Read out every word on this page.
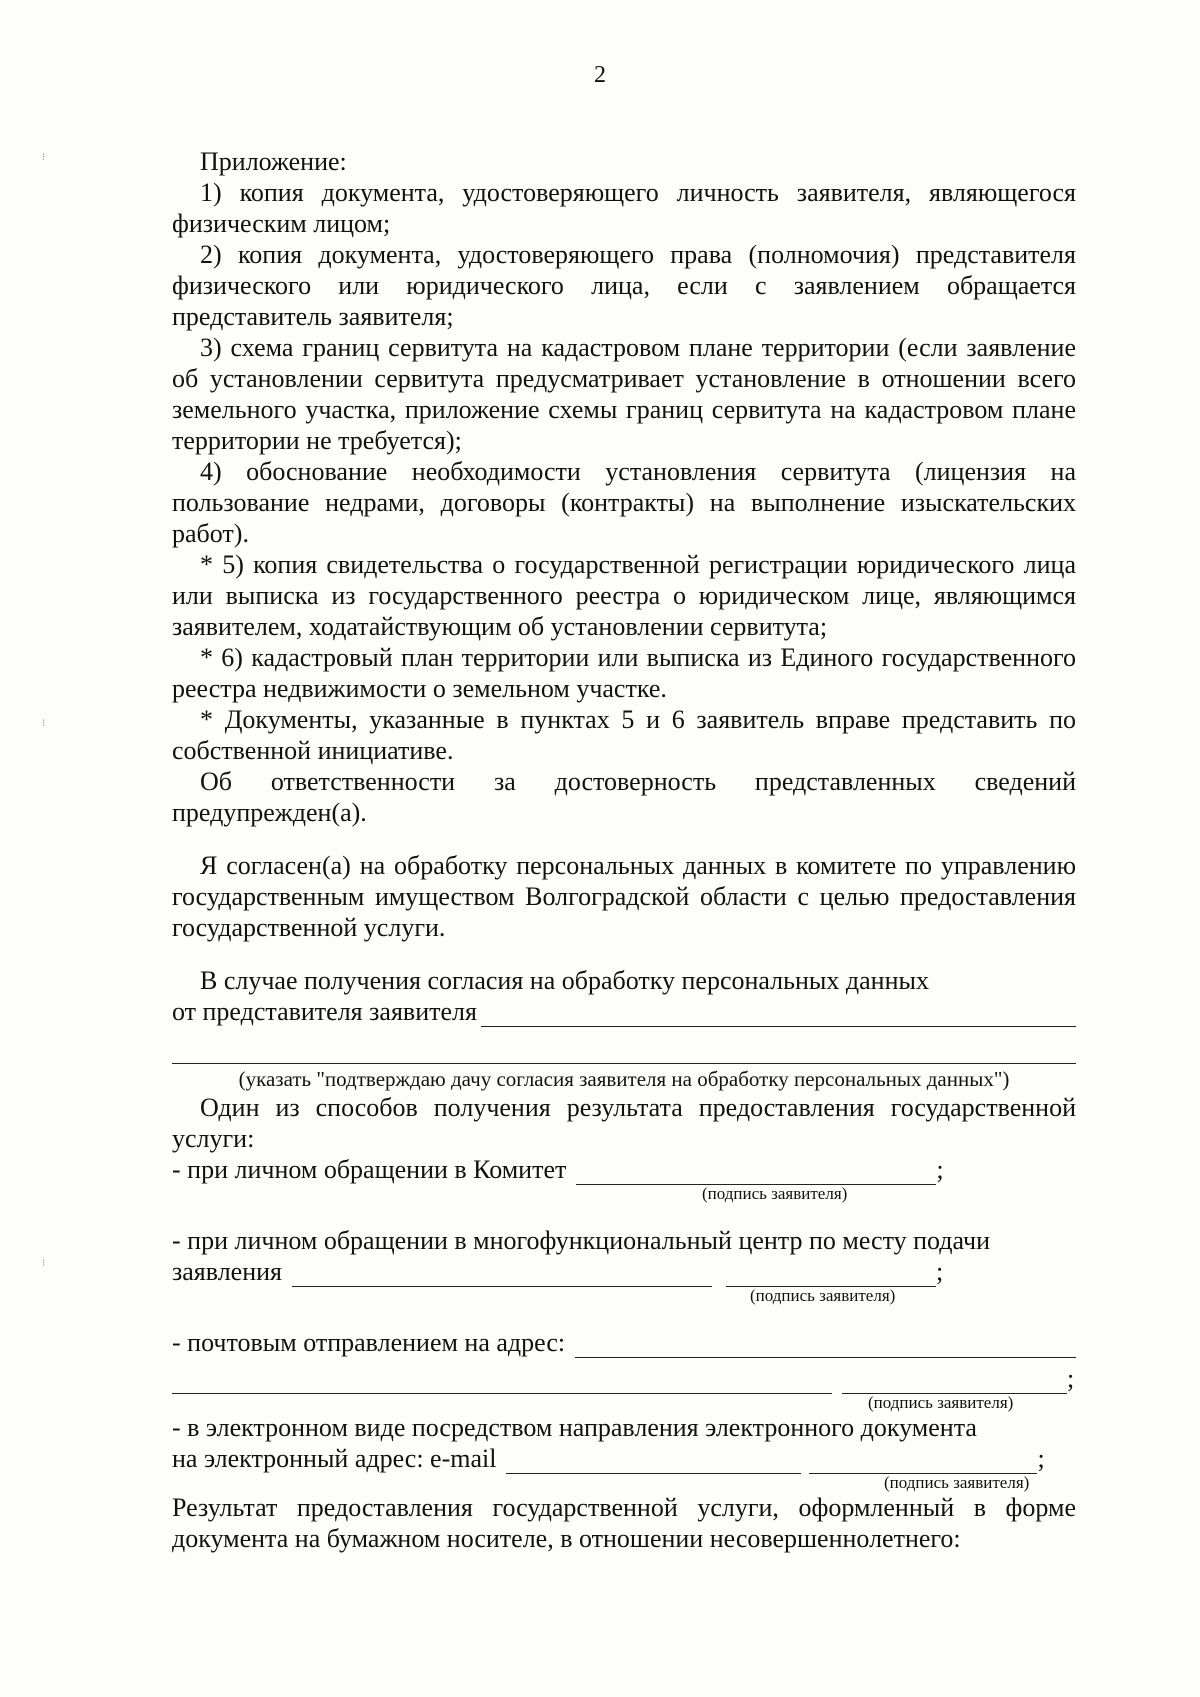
⁝
⁝
⁝
2

Приложение:

1) копия документа, удостоверяющего личность заявителя, являющегося физическим лицом;

2) копия документа, удостоверяющего права (полномочия) представителя физического или юридического лица, если с заявлением обращается представитель заявителя;

3) схема границ сервитута на кадастровом плане территории (если заявление об установлении сервитута предусматривает установление в отношении всего земельного участка, приложение схемы границ сервитута на кадастровом плане территории не требуется);

4) обоснование необходимости установления сервитута (лицензия на пользование недрами, договоры (контракты) на выполнение изыскательских работ).

* 5) копия свидетельства о государственной регистрации юридического лица или выписка из государственного реестра о юридическом лице, являющимся заявителем, ходатайствующим об установлении сервитута;

* 6) кадастровый план территории или выписка из Единого государственного реестра недвижимости о земельном участке.

* Документы, указанные в пунктах 5 и 6 заявитель вправе представить по собственной инициативе.

Об ответственности за достоверность представленных сведений предупрежден(а).

Я согласен(а) на обработку персональных данных в комитете по управлению государственным имуществом Волгоградской области с целью предоставления государственной услуги.

В случае получения согласия на обработку персональных данных

от представителя заявителя

(указать "подтверждаю дачу согласия заявителя на обработку персональных данных")

Один из способов получения результата предоставления государственной услуги:

- при личном обращении в Комитет	;
(подпись заявителя)

- при личном обращении в многофункциональный центр по месту подачи

заявления	;
(подпись заявителя)
- почтовым отправлением на адрес:
;
(подпись заявителя)

- в электронном виде посредством направления электронного документа

на электронный адрес: e-mail	;
(подпись заявителя)

Результат предоставления государственной услуги, оформленный в форме документа на бумажном носителе, в отношении несовершеннолетнего:
